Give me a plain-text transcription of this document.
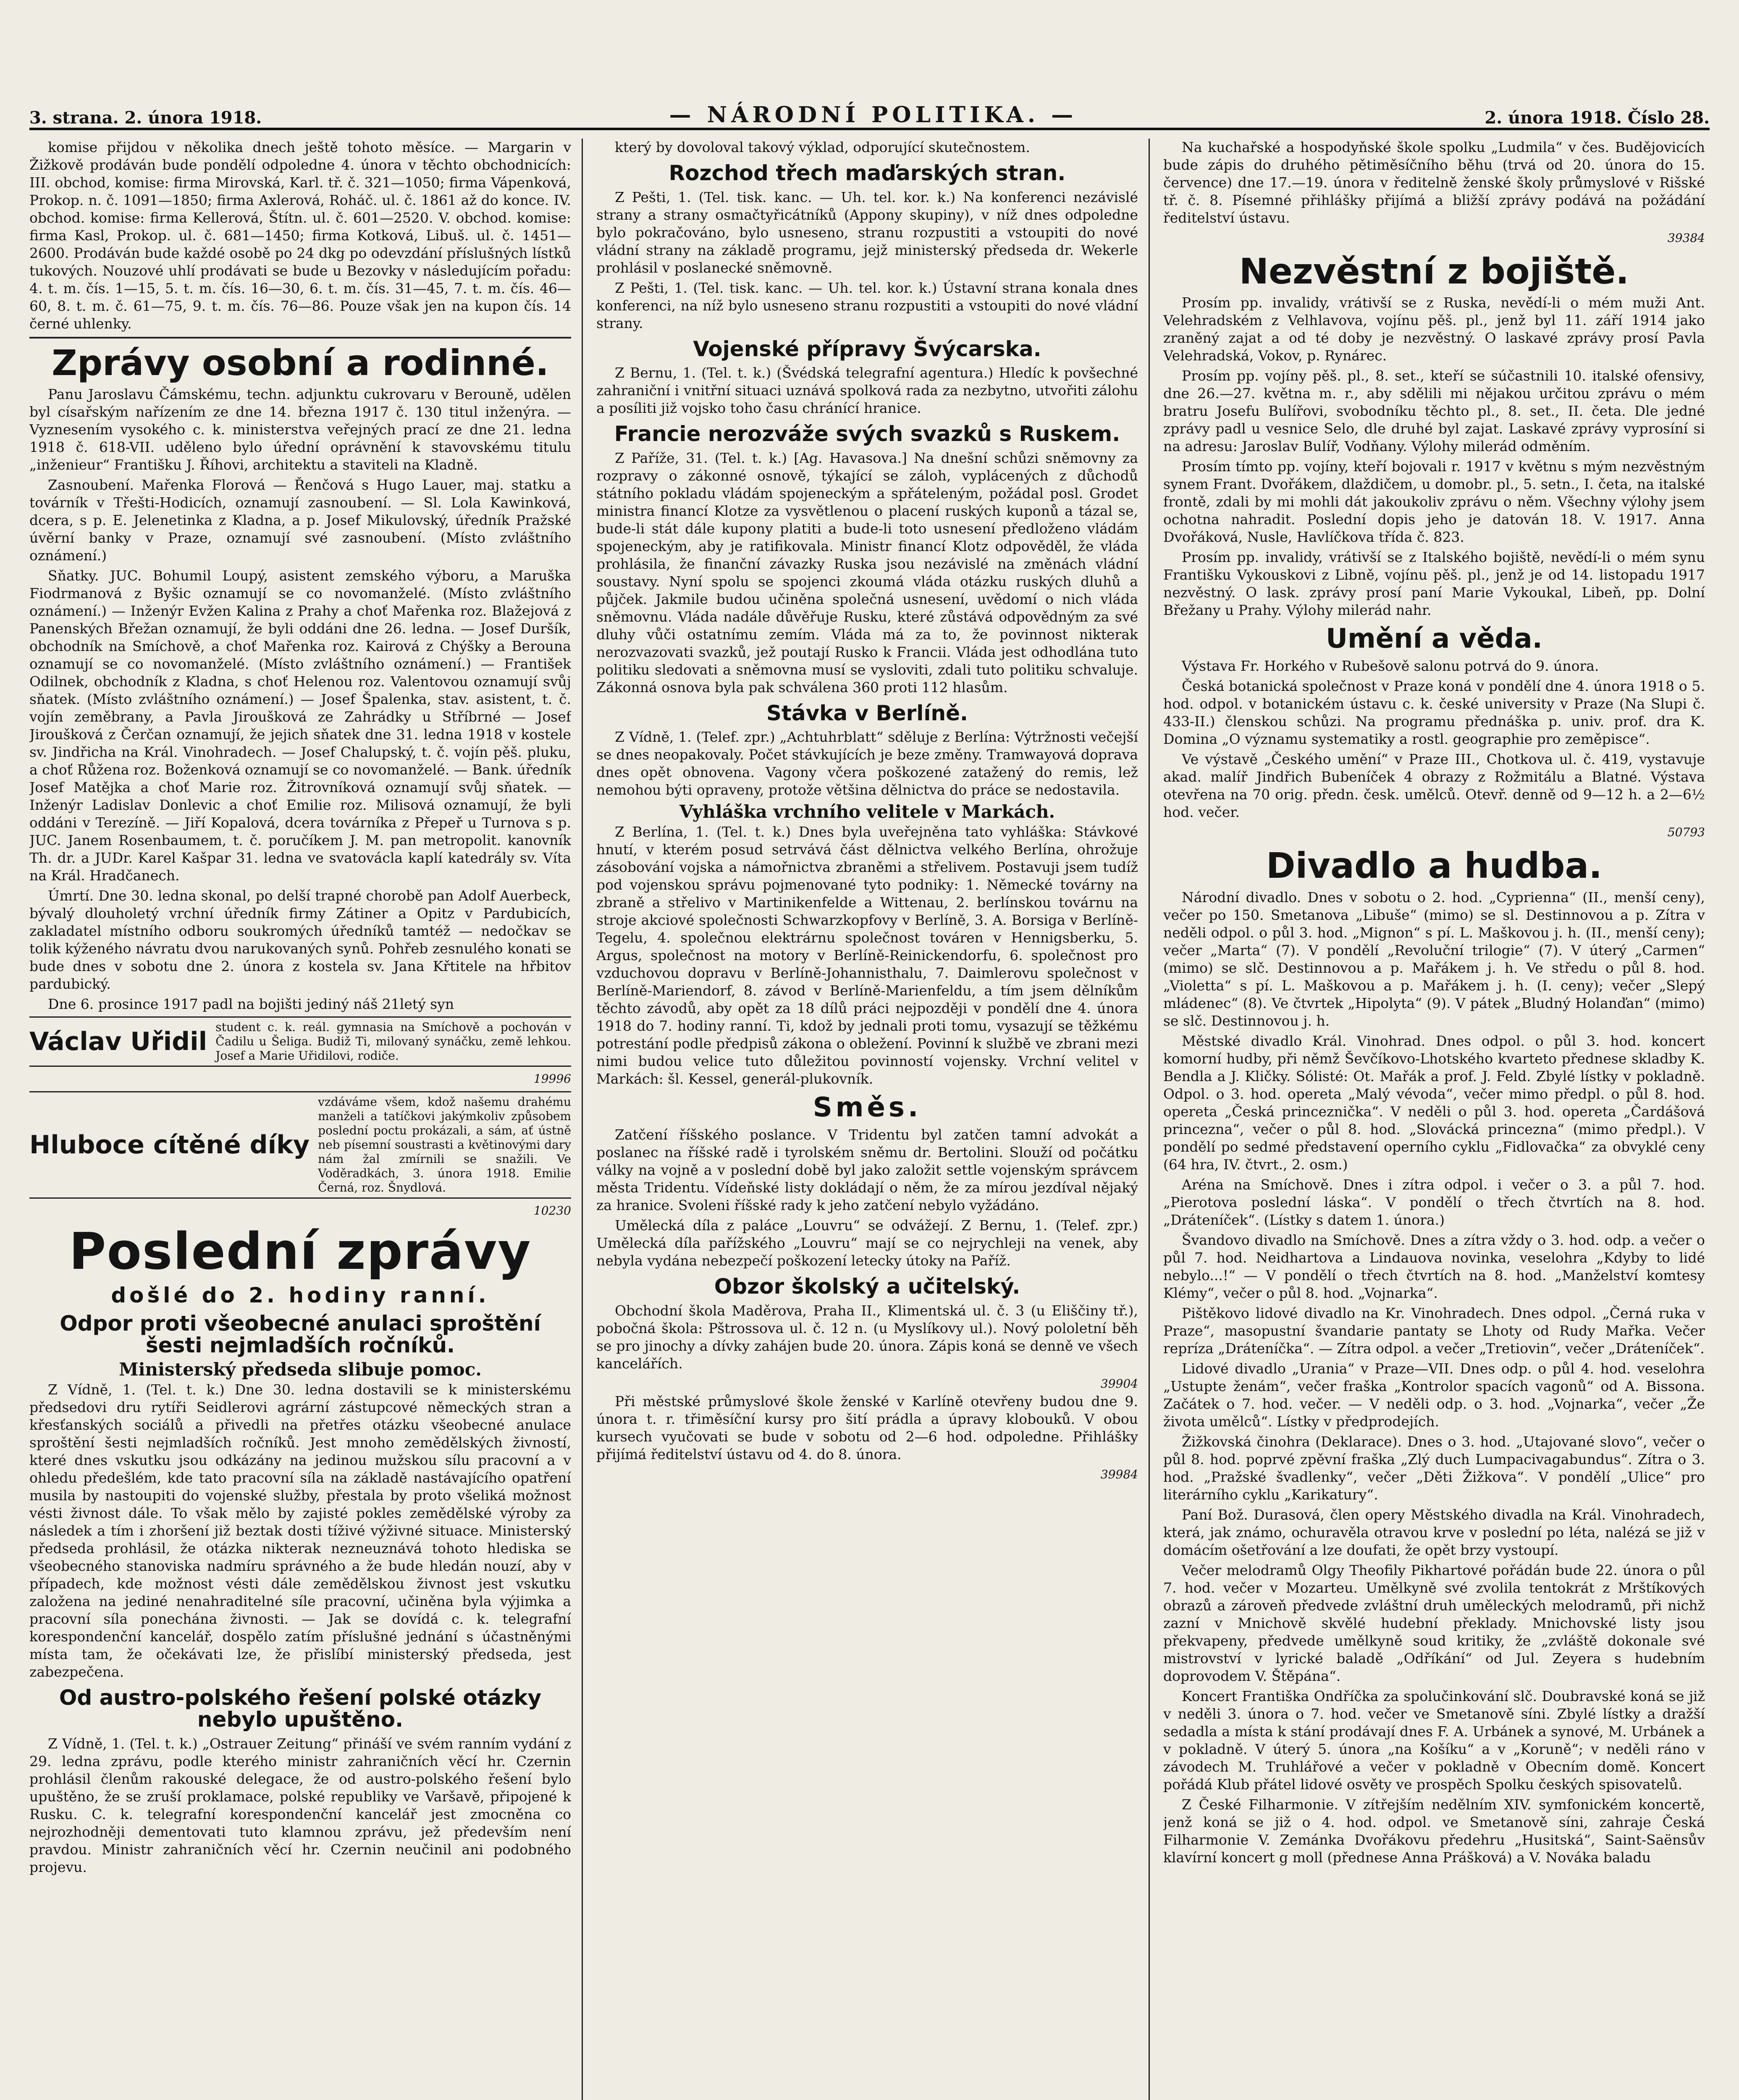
3. strana. 2. února 1918.	— NÁRODNÍ POLITIKA. —	2. února 1918. Číslo 28.

komise přijdou v několika dnech ještě tohoto měsíce. — Margarin v Žižkově prodáván bude pondělí odpoledne 4. února v těchto obchodnicích: III. obchod, komise: firma Mirovská, Karl. tř. č. 321—1050; firma Vápenková, Prokop. n. č. 1091—1850; firma Axlerová, Roháč. ul. č. 1861 až do konce. IV. obchod. komise: firma Kellerová, Štítn. ul. č. 601—2520. V. obchod. komise: firma Kasl, Prokop. ul. č. 681—1450; firma Kotková, Libuš. ul. č. 1451—2600. Prodáván bude každé osobě po 24 dkg po odevzdání příslušných lístků tukových. Nouzové uhlí prodávati se bude u Bezovky v následujícím pořadu: 4. t. m. čís. 1—15, 5. t. m. čís. 16—30, 6. t. m. čís. 31—45, 7. t. m. čís. 46—60, 8. t. m. č. 61—75, 9. t. m. čís. 76—86. Pouze však jen na kupon čís. 14 černé uhlenky.

Zprávy osobní a rodinné.

Panu Jaroslavu Čámskému, techn. adjunktu cukrovaru v Berouně, udělen byl císařským nařízením ze dne 14. března 1917 č. 130 titul inženýra. — Vyznesením vysokého c. k. ministerstva veřejných prací ze dne 21. ledna 1918 č. 618-VII. uděleno bylo úřední oprávnění k stavovskému titulu „inženieur“ Františku J. Říhovi, architektu a staviteli na Kladně.

Zasnoubení. Mařenka Florová — Řenčová s Hugo Lauer, maj. statku a továrník v Třešti-Hodicích, oznamují zasnoubení. — Sl. Lola Kawinková, dcera, s p. E. Jelenetinka z Kladna, a p. Josef Mikulovský, úředník Pražské úvěrní banky v Praze, oznamují své zasnoubení. (Místo zvláštního oznámení.)

Sňatky. JUC. Bohumil Loupý, asistent zemského výboru, a Maruška Fiodrmanová z Byšic oznamují se co novomanželé. (Místo zvláštního oznámení.) — Inženýr Evžen Kalina z Prahy a choť Mařenka roz. Blažejová z Panenských Břežan oznamují, že byli oddáni dne 26. ledna. — Josef Duršík, obchodník na Smíchově, a choť Mařenka roz. Kairová z Chýšky a Berouna oznamují se co novomanželé. (Místo zvláštního oznámení.) — František Odilnek, obchodník z Kladna, s choť Helenou roz. Valentovou oznamují svůj sňatek. (Místo zvláštního oznámení.) — Josef Špalenka, stav. asistent, t. č. vojín zeměbrany, a Pavla Jiroušková ze Zahrádky u Stříbrné — Josef Jiroušková z Čerčan oznamují, že jejich sňatek dne 31. ledna 1918 v kostele sv. Jindřicha na Král. Vinohradech. — Josef Chalupský, t. č. vojín pěš. pluku, a choť Růžena roz. Boženková oznamují se co novomanželé. — Bank. úředník Josef Matějka a choť Marie roz. Žitrovníková oznamují svůj sňatek. — Inženýr Ladislav Donlevic a choť Emilie roz. Milisová oznamují, že byli oddáni v Terezíně. — Jiří Kopalová, dcera továrníka z Přepeř u Turnova s p. JUC. Janem Rosenbaumem, t. č. poručíkem J. M. pan metropolit. kanovník Th. dr. a JUDr. Karel Kašpar 31. ledna ve svatovácla kaplí katedrály sv. Víta na Král. Hradčanech.

Úmrtí. Dne 30. ledna skonal, po delší trapné chorobě pan Adolf Auerbeck, bývalý dlouholetý vrchní úředník firmy Zátiner a Opitz v Pardubicích, zakladatel místního odboru soukromých úředníků tamtéž — nedočkav se tolik kýženého návratu dvou narukovaných synů. Pohřeb zesnulého konati se bude dnes v sobotu dne 2. února z kostela sv. Jana Křtitele na hřbitov pardubický.

Dne 6. prosince 1917 padl na bojišti jediný náš 21letý syn

Václav Uřidil student c. k. reál. gymnasia na Smíchově a pochován v Čadilu u Šeliga. Budiž Ti, milovaný synáčku, země lehkou. Josef a Marie Uřidilovi, rodiče.
19996
Hluboce cítěné díky
vzdáváme všem, kdož našemu drahému manželi a tatíčkovi jakýmkoliv způsobem poslední poctu prokázali, a sám, ať ústně neb písemní soustrasti a květinovými dary nám žal zmírnili se snažili. Ve Voděradkách, 3. února 1918. Emilie Černá, roz. Šnydlová.
10230
Poslední zprávy
došlé do 2. hodiny ranní.
Odpor proti všeobecné anulaci sproštění šesti nejmladších ročníků.
Ministerský předseda slibuje pomoc.

Z Vídně, 1. (Tel. t. k.) Dne 30. ledna dostavili se k ministerskému předsedovi dru rytíři Seidlerovi agrární zástupcové německých stran a křesťanských sociálů a přivedli na přetřes otázku všeobecné anulace sproštění šesti nejmladších ročníků. Jest mnoho zemědělských živností, které dnes vskutku jsou odkázány na jedinou mužskou sílu pracovní a v ohledu předešlém, kde tato pracovní síla na základě nastávajícího opatření musila by nastoupiti do vojenské služby, přestala by proto všeliká možnost vésti živnost dále. To však mělo by zajisté pokles zemědělské výroby za následek a tím i zhoršení již beztak dosti tíživé výživné situace. Ministerský předseda prohlásil, že otázka nikterak nezneuznává tohoto hlediska se všeobecného stanoviska nadmíru správného a že bude hledán nouzí, aby v případech, kde možnost vésti dále zemědělskou živnost jest vskutku založena na jediné nenahraditelné síle pracovní, učiněna byla výjimka a pracovní síla ponechána živnosti. — Jak se dovídá c. k. telegrafní korespondenční kancelář, dospělo zatím příslušné jednání s účastněnými místa tam, že očekávati lze, že přislíbí ministerský předseda, jest zabezpečena.

Od austro-polského řešení polské otázky nebylo upuštěno.

Z Vídně, 1. (Tel. t. k.) „Ostrauer Zeitung“ přináší ve svém ranním vydání z 29. ledna zprávu, podle kterého ministr zahraničních věcí hr. Czernin prohlásil členům rakouské delegace, že od austro-polského řešení bylo upuštěno, že se zruší proklamace, polské republiky ve Varšavě, připojené k Rusku. C. k. telegrafní korespondenční kancelář jest zmocněna co nejrozhodněji dementovati tuto klamnou zprávu, jež především není pravdou. Ministr zahraničních věcí hr. Czernin neučinil ani podobného projevu.

který by dovoloval takový výklad, odporující skutečnostem.

Rozchod třech maďarských stran.

Z Pešti, 1. (Tel. tisk. kanc. — Uh. tel. kor. k.) Na konferenci nezávislé strany a strany osmačtyřicátníků (Appony skupiny), v níž dnes odpoledne bylo pokračováno, bylo usneseno, stranu rozpustiti a vstoupiti do nové vládní strany na základě programu, jejž ministerský předseda dr. Wekerle prohlásil v poslanecké sněmovně.

Z Pešti, 1. (Tel. tisk. kanc. — Uh. tel. kor. k.) Ústavní strana konala dnes konferenci, na níž bylo usneseno stranu rozpustiti a vstoupiti do nové vládní strany.

Vojenské přípravy Švýcarska.

Z Bernu, 1. (Tel. t. k.) (Švédská telegrafní agentura.) Hledíc k povšechné zahraniční i vnitřní situaci uznává spolková rada za nezbytno, utvořiti zálohu a posíliti již vojsko toho času chránící hranice.

Francie nerozváže svých svazků s Ruskem.

Z Paříže, 31. (Tel. t. k.) [Ag. Havasova.] Na dnešní schůzi sněmovny za rozpravy o zákonné osnově, týkající se záloh, vyplácených z důchodů státního pokladu vládám spojeneckým a spřáteleným, požádal posl. Grodet ministra financí Klotze za vysvětlenou o placení ruských kuponů a tázal se, bude-li stát dále kupony platiti a bude-li toto usnesení předloženo vládám spojeneckým, aby je ratifikovala. Ministr financí Klotz odpověděl, že vláda prohlásila, že finanční závazky Ruska jsou nezávislé na změnách vládní soustavy. Nyní spolu se spojenci zkoumá vláda otázku ruských dluhů a půjček. Jakmile budou učiněna společná usnesení, uvědomí o nich vláda sněmovnu. Vláda nadále důvěřuje Rusku, které zůstává odpovědným za své dluhy vůči ostatnímu zemím. Vláda má za to, že povinnost nikterak nerozvazovati svazků, jež poutají Rusko k Francii. Vláda jest odhodlána tuto politiku sledovati a sněmovna musí se vysloviti, zdali tuto politiku schvaluje. Zákonná osnova byla pak schválena 360 proti 112 hlasům.

Stávka v Berlíně.

Z Vídně, 1. (Telef. zpr.) „Achtuhrblatt“ sděluje z Berlína: Výtržnosti večejší se dnes neopakovaly. Počet stávkujících je beze změny. Tramwayová doprava dnes opět obnovena. Vagony včera poškozené zatažený do remis, lež nemohou býti opraveny, protože většina dělnictva do práce se nedostavila.

Vyhláška vrchního velitele v Markách.

Z Berlína, 1. (Tel. t. k.) Dnes byla uveřejněna tato vyhláška: Stávkové hnutí, v kterém posud setrvává část dělnictva velkého Berlína, ohrožuje zásobování vojska a námořnictva zbraněmi a střelivem. Postavuji jsem tudíž pod vojenskou správu pojmenované tyto podniky: 1. Německé továrny na zbraně a střelivo v Martinikenfelde a Wittenau, 2. berlínskou továrnu na stroje akciové společnosti Schwarzkopfovy v Berlíně, 3. A. Borsiga v Berlíně-Tegelu, 4. společnou elektrárnu společnost továren v Hennigsberku, 5. Argus, společnost na motory v Berlíně-Reinickendorfu, 6. společnost pro vzduchovou dopravu v Berlíně-Johannisthalu, 7. Daimlerovu společnost v Berlíně-Mariendorf, 8. závod v Berlíně-Marienfeldu, a tím jsem dělníkům těchto závodů, aby opět za 18 dílů práci nejpozději v pondělí dne 4. února 1918 do 7. hodiny ranní. Ti, kdož by jednali proti tomu, vysazují se těžkému potrestání podle předpisů zákona o obležení. Povinní k službě ve zbrani mezi nimi budou velice tuto důležitou povinností vojensky. Vrchní velitel v Markách: šl. Kessel, generál-plukovník.

Směs.

Zatčení říšského poslance. V Tridentu byl zatčen tamní advokát a poslanec na říšské radě i tyrolském sněmu dr. Bertolini. Slouží od počátku války na vojně a v poslední době byl jako založit settle vojenským správcem města Tridentu. Vídeňské listy dokládají o něm, že za mírou jezdíval nějaký za hranice. Svoleni říšské rady k jeho zatčení nebylo vyžádáno.

Umělecká díla z paláce „Louvru“ se odvážejí. Z Bernu, 1. (Telef. zpr.) Umělecká díla pařížského „Louvru“ mají se co nejrychleji na venek, aby nebyla vydána nebezpečí poškození letecky útoky na Paříž.

Obzor školský a učitelský.

Obchodní škola Maděrova, Praha II., Klimentská ul. č. 3 (u Eliščiny tř.), pobočná škola: Pštrossova ul. č. 12 n. (u Myslíkovy ul.). Nový pololetní běh se pro jinochy a dívky zahájen bude 20. února. Zápis koná se denně ve všech kancelářích.

39904

Při městské průmyslové škole ženské v Karlíně otevřeny budou dne 9. února t. r. třiměsíční kursy pro šití prádla a úpravy klobouků. V obou kursech vyučovati se bude v sobotu od 2—6 hod. odpoledne. Přihlášky přijímá ředitelství ústavu od 4. do 8. února.

39984

Na kuchařské a hospodyňské škole spolku „Ludmila“ v čes. Budějovicích bude zápis do druhého pětiměsíčního běhu (trvá od 20. února do 15. července) dne 17.—19. února v ředitelně ženské školy průmyslové v Rišské tř. č. 8. Písemné přihlášky přijímá a bližší zprávy podává na požádání ředitelství ústavu.

39384
Nezvěstní z bojiště.

Prosím pp. invalidy, vrátivší se z Ruska, nevědí-li o mém muži Ant. Velehradském z Velhlavova, vojínu pěš. pl., jenž byl 11. září 1914 jako zraněný zajat a od té doby je nezvěstný. O laskavé zprávy prosí Pavla Velehradská, Vokov, p. Rynárec.

Prosím pp. vojíny pěš. pl., 8. set., kteří se súčastnili 10. italské ofensivy, dne 26.—27. května m. r., aby sdělili mi nějakou určitou zprávu o mém bratru Josefu Bulířovi, svobodníku těchto pl., 8. set., II. četa. Dle jedné zprávy padl u vesnice Selo, dle druhé byl zajat. Laskavé zprávy vyprosíní si na adresu: Jaroslav Bulíř, Vodňany. Výlohy milerád odměním.

Prosím tímto pp. vojíny, kteří bojovali r. 1917 v květnu s mým nezvěstným synem Frant. Dvořákem, dlaždičem, u domobr. pl., 5. setn., I. četa, na italské frontě, zdali by mi mohli dát jakoukoliv zprávu o něm. Všechny výlohy jsem ochotna nahradit. Poslední dopis jeho je datován 18. V. 1917. Anna Dvořáková, Nusle, Havlíčkova třída č. 823.

Prosím pp. invalidy, vrátivší se z Italského bojiště, nevědí-li o mém synu Františku Vykouskovi z Libně, vojínu pěš. pl., jenž je od 14. listopadu 1917 nezvěstný. O lask. zprávy prosí paní Marie Vykoukal, Libeň, pp. Dolní Břežany u Prahy. Výlohy milerád nahr.

Umění a věda.

Výstava Fr. Horkého v Rubešově salonu potrvá do 9. února.

Česká botanická společnost v Praze koná v pondělí dne 4. února 1918 o 5. hod. odpol. v botanickém ústavu c. k. české university v Praze (Na Slupi č. 433-II.) členskou schůzi. Na programu přednáška p. univ. prof. dra K. Domina „O významu systematiky a rostl. geographie pro zeměpisce“.

Ve výstavě „Českého umění“ v Praze III., Chotkova ul. č. 419, vystavuje akad. malíř Jindřich Bubeníček 4 obrazy z Rožmitálu a Blatné. Výstava otevřena na 70 orig. předn. česk. umělců. Otevř. denně od 9—12 h. a 2—6½ hod. večer.

50793
Divadlo a hudba.

Národní divadlo. Dnes v sobotu o 2. hod. „Cyprienna“ (II., menší ceny), večer po 150. Smetanova „Libuše“ (mimo) se sl. Destinnovou a p. Zítra v neděli odpol. o půl 3. hod. „Mignon“ s pí. L. Maškovou j. h. (II., menší ceny); večer „Marta“ (7). V pondělí „Revoluční trilogie“ (7). V úterý „Carmen“ (mimo) se slč. Destinnovou a p. Mařákem j. h. Ve středu o půl 8. hod. „Violetta“ s pí. L. Maškovou a p. Mařákem j. h. (I. ceny); večer „Slepý mládenec“ (8). Ve čtvrtek „Hipolyta“ (9). V pátek „Bludný Holanďan“ (mimo) se slč. Destinnovou j. h.

Městské divadlo Král. Vinohrad. Dnes odpol. o půl 3. hod. koncert komorní hudby, při němž Ševčíkovo-Lhotského kvarteto přednese skladby K. Bendla a J. Kličky. Sólisté: Ot. Mařák a prof. J. Feld. Zbylé lístky v pokladně. Odpol. o 3. hod. opereta „Malý vévoda“, večer mimo předpl. o půl 8. hod. opereta „Česká princeznička“. V neděli o půl 3. hod. opereta „Čardášová princezna“, večer o půl 8. hod. „Slovácká princezna“ (mimo předpl.). V pondělí po sedmé představení operního cyklu „Fidlovačka“ za obvyklé ceny (64 hra, IV. čtvrt., 2. osm.)

Aréna na Smíchově. Dnes i zítra odpol. i večer o 3. a půl 7. hod. „Pierotova poslední láska“. V pondělí o třech čtvrtích na 8. hod. „Dráteníček“. (Lístky s datem 1. února.)

Švandovo divadlo na Smíchově. Dnes a zítra vždy o 3. hod. odp. a večer o půl 7. hod. Neidhartova a Lindauova novinka, veselohra „Kdyby to lidé nebylo...!“ — V pondělí o třech čtvrtích na 8. hod. „Manželství komtesy Klémy“, večer o půl 8. hod. „Vojnarka“.

Pištěkovo lidové divadlo na Kr. Vinohradech. Dnes odpol. „Černá ruka v Praze“, masopustní švandarie pantaty se Lhoty od Rudy Mařka. Večer repríza „Dráteníčka“. — Zítra odpol. a večer „Tretiovin“, večer „Dráteníček“.

Lidové divadlo „Urania“ v Praze—VII. Dnes odp. o půl 4. hod. veselohra „Ustupte ženám“, večer fraška „Kontrolor spacích vagonů“ od A. Bissona. Začátek o 7. hod. večer. — V neděli odp. o 3. hod. „Vojnarka“, večer „Že života umělců“. Lístky v předprodejích.

Žižkovská činohra (Deklarace). Dnes o 3. hod. „Utajované slovo“, večer o půl 8. hod. poprvé zpěvní fraška „Zlý duch Lumpacivagabundus“. Zítra o 3. hod. „Pražské švadlenky“, večer „Děti Žižkova“. V pondělí „Ulice“ pro literárního cyklu „Karikatury“.

Paní Bož. Durasová, člen opery Městského divadla na Král. Vinohradech, která, jak známo, ochuravěla otravou krve v poslední po léta, nalézá se již v domácím ošetřování a lze doufati, že opět brzy vystoupí.

Večer melodramů Olgy Theofily Pikhartové pořádán bude 22. února o půl 7. hod. večer v Mozarteu. Umělkyně své zvolila tentokrát z Mrštíkových obrazů a zároveň předvede zvláštní druh uměleckých melodramů, při nichž zazní v Mnichově skvělé hudební překlady. Mnichovské listy jsou překvapeny, předvede umělkyně soud kritiky, že „zvláště dokonale své mistrovství v lyrické baladě „Odříkání“ od Jul. Zeyera s hudebním doprovodem V. Štěpána“.

Koncert Františka Ondříčka za spolučinkování slč. Doubravské koná se již v neděli 3. února o 7. hod. večer ve Smetanově síni. Zbylé lístky a dražší sedadla a místa k stání prodávají dnes F. A. Urbánek a synové, M. Urbánek a v pokladně. V úterý 5. února „na Košíku“ a v „Koruně“; v neděli ráno v závodech M. Truhlářové a večer v pokladně v Obecním domě. Koncert pořádá Klub přátel lidové osvěty ve prospěch Spolku českých spisovatelů.

Z České Filharmonie. V zítřejším nedělním XIV. symfonickém koncertě, jenž koná se již o 4. hod. odpol. ve Smetanově síni, zahraje Česká Filharmonie V. Zemánka Dvořákovu předehru „Husitská“, Saint-Saënsův klavírní koncert g moll (přednese Anna Prášková) a V. Nováka baladu
